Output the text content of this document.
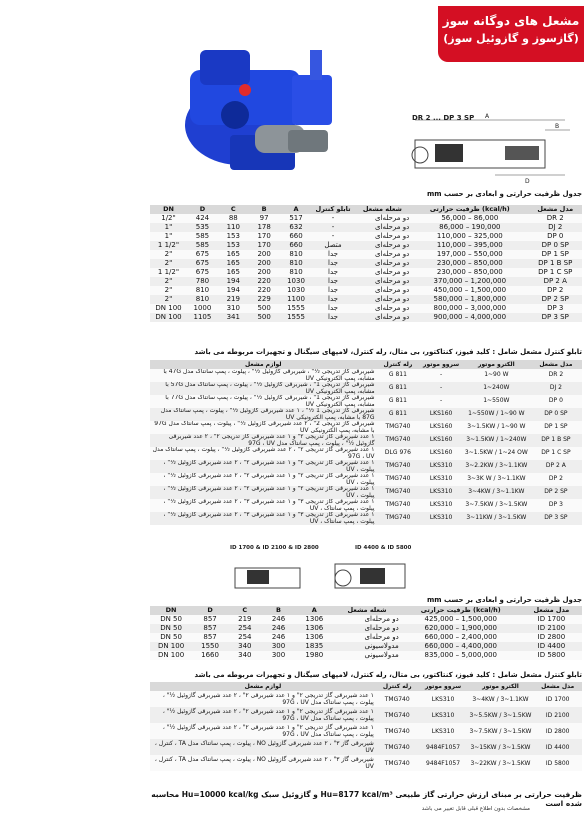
مشعل های دوگانه سوز
(گازسوز و گازوئیل سوز)
A
B
D
DR 2 ... DP 3 SP
جدول ظرفیت حرارتی و ابعادی بر حسب mm
DN	D	C	B	A	تابلو کنترل	شعله مشعل	ظرفیت حرارتی (kcal/h)	مدل مشعل
1/2"	424	88	97	517	-	دو مرحله‌ای	56,000 – 86,000	DR 2
1"	535	110	178	632	-	دو مرحله‌ای	86,000 – 190,000	DJ 2
1"	585	153	170	660	-	دو مرحله‌ای	110,000 – 325,000	DP 0
1 1/2"	585	153	170	660	متصل	دو مرحله‌ای	110,000 – 395,000	DP 0 SP
2"	675	165	200	810	جدا	دو مرحله‌ای	197,000 – 550,000	DP 1 SP
2"	675	165	200	810	جدا	دو مرحله‌ای	230,000 – 850,000	DP 1 B SP
1 1/2"	675	165	200	810	جدا	دو مرحله‌ای	230,000 – 850,000	DP 1 C SP
2"	780	194	220	1030	جدا	دو مرحله‌ای	370,000 – 1,200,000	DP 2 A
2"	810	194	220	1030	جدا	دو مرحله‌ای	450,000 – 1,500,000	DP 2
2"	810	219	229	1100	جدا	دو مرحله‌ای	580,000 – 1,800,000	DP 2 SP
DN 100	1000	310	500	1555	جدا	دو مرحله‌ای	800,000 – 3,000,000	DP 3
DN 100	1105	341	500	1555	جدا	دو مرحله‌ای	900,000 – 4,000,000	DP 3 SP
تابلو کنترل مشعل شامل : کلید فیوز، کنتاکتور، بی متال، رله کنترل، لامپهای سیگنال و تجهیزات مربوطه می باشد
لوازم مشعل	رله کنترل	سروو موتور	الکترو موتور	مدل مشعل
شیربرقی گاز تدریجی ½" ، شیربرقی گازوئیل ½" ، پیلوت ، پمپ سانتاک مدل 47G با مشابه، پمپ الکترونیکی UV	G 811	-	1~90 W	DR 2
شیربرقی گاز تدریجی 1" ، شیربرقی گازوئیل ½" ، پیلوت ، پمپ سانتاک مدل 57G با مشابه، پمپ الکترونیکی UV	G 811	-	1~240W	DJ 2
شیربرقی گاز تدریجی 1" ، شیربرقی گازوئیل ½" ، پیلوت ، پمپ سانتاک مدل 77G با مشابه، پمپ الکترونیکی UV	G 811	-	1~550W	DP 0
شیربرقی گاز تدریجی 1 ½" ، ۱ عدد شیربرقی گازوئیل ½" ، پیلوت ، پمپ سانتاک مدل 87G با مشابه، پمپ الکترونیکی UV	G 811	LKS160	1~550W / 1~90 W	DP 0 SP
شیربرقی گاز تدریجی 2" ، ۲ عدد شیربرقی گازوئیل ½" ، پیلوت ، پمپ سانتاک مدل 97G با مشابه، پمپ الکترونیکی UV	TMG740	LKS160	3~1.5KW / 1~90 W	DP 1 SP
۱ عدد شیربرقی گاز تدریجی ۲" و ۱ عدد شیربرقی گاز تدریجی ۲" ، ۲ عدد شیربرقی گازوئیل ½" ، پیلوت ، پمپ سانتاک مدل 97G ، UV	TMG740	LKS160	3~1.5KW / 1~240W	DP 1 B SP
۱ عدد شیربرقی گاز تدریجی ۲" ، ۲ عدد شیربرقی گازوئیل ½" ، پیلوت ، پمپ سانتاک مدل 97G ، UV	DLG 976	LKS160	3~1.5KW / 1~24 OW	DP 1 C SP
۱ عدد شیربرقی گاز تدریجی ۲" و ۱ عدد شیربرقی ۲" ، ۲ عدد شیربرقی گازوئیل ½" ، پیلوت ، UV	TMG740	LKS310	3~2.2KW / 3~1.1KW	DP 2 A
۱ عدد شیربرقی گاز تدریجی ۲" و ۱ عدد شیربرقی ۲" ، ۲ عدد شیربرقی گازوئیل ½" ، پیلوت ، UV	TMG740	LKS310	3~3K W / 3~1.1KW	DP 2
۱ عدد شیربرقی گاز تدریجی ۲" و ۱ عدد شیربرقی ۲" ، ۲ عدد شیربرقی گازوئیل ½" ، پیلوت ، UV	TMG740	LKS310	3~4KW / 3~1.1KW	DP 2 SP
۱ عدد شیربرقی گاز تدریجی ۳" و ۱ عدد شیربرقی ۳" ، ۲ عدد شیربرقی گازوئیل ½" ، پیلوت ، پمپ سانتاک ، UV	TMG740	LKS310	3~7.5KW / 3~1.5KW	DP 3
۱ عدد شیربرقی گاز تدریجی ۳" و ۱ عدد شیربرقی ۳" ، ۲ عدد شیربرقی گازوئیل ½" ، پیلوت ، پمپ سانتاک ، UV	TMG740	LKS310	3~11KW / 3~1.5KW	DP 3 SP
ID 1700 & ID 2100 & ID 2800	ID 4400 & ID 5800
جدول ظرفیت حرارتی و ابعادی بر حسب mm
DN	D	C	B	A	شعله مشعل	ظرفیت حرارتی (kcal/h)	مدل مشعل
DN 50	857	219	246	1306	دو مرحله‌ای	425,000 – 1,500,000	ID 1700
DN 50	857	254	246	1306	دو مرحله‌ای	620,000 – 1,900,000	ID 2100
DN 50	857	254	246	1306	دو مرحله‌ای	660,000 – 2,400,000	ID 2800
DN 100	1550	340	300	1835	مدولاسیونی	660,000 – 4,400,000	ID 4400
DN 100	1660	340	300	1980	مدولاسیونی	835,000 – 5,000,000	ID 5800
تابلو کنترل مشعل شامل : کلید فیوز، کنتاکتور، بی متال، رله کنترل، لامپهای سیگنال و تجهیزات مربوطه می باشد
لوازم مشعل	رله کنترل	سروو موتور	الکترو موتور	مدل مشعل
۱ عدد شیربرقی گاز تدریجی ۲" و ۱ عدد شیربرقی ۲" ، ۲ عدد شیربرقی گازوئیل ½" ، پیلوت ، پمپ سانتاک مدل 97G ، UV	TMG740	LKS310	3~4KW / 3~1.1KW	ID 1700
۱ عدد شیربرقی گاز تدریجی ۲" و ۱ عدد شیربرقی ۲" ، ۲ عدد شیربرقی گازوئیل ½" ، پیلوت ، پمپ سانتاک مدل 97G ، UV	TMG740	LKS310	3~5.5KW / 3~1.5KW	ID 2100
۱ عدد شیربرقی گاز تدریجی ۲" و ۱ عدد شیربرقی ۲" ، ۲ عدد شیربرقی گازوئیل ½" ، پیلوت ، پمپ سانتاک مدل 97G ، UV	TMG740	LKS310	3~7.5KW / 3~1.5KW	ID 2800
شیربرقی گاز ۳" ، ۲ عدد شیربرقی گازوئیل NO ، پیلوت ، پمپ سانتاک مدل TA ، کنترل ، UV	TMG740	9484F1057	3~15KW / 3~1.5KW	ID 4400
شیربرقی گاز ۳" ، ۲ عدد شیربرقی گازوئیل NO ، پیلوت ، پمپ سانتاک مدل TA ، کنترل ، UV	TMG740	9484F1057	3~22KW / 3~1.5KW	ID 5800
ظرفیت حرارتی بر مبنای ارزش حرارتی گاز طبیعی Hu=8177 kcal/m³ و گازوئیل سبک Hu=10000 kcal/kg محاسبه شده است
مشخصات بدون اطلاع قبلی قابل تغییر می باشد
